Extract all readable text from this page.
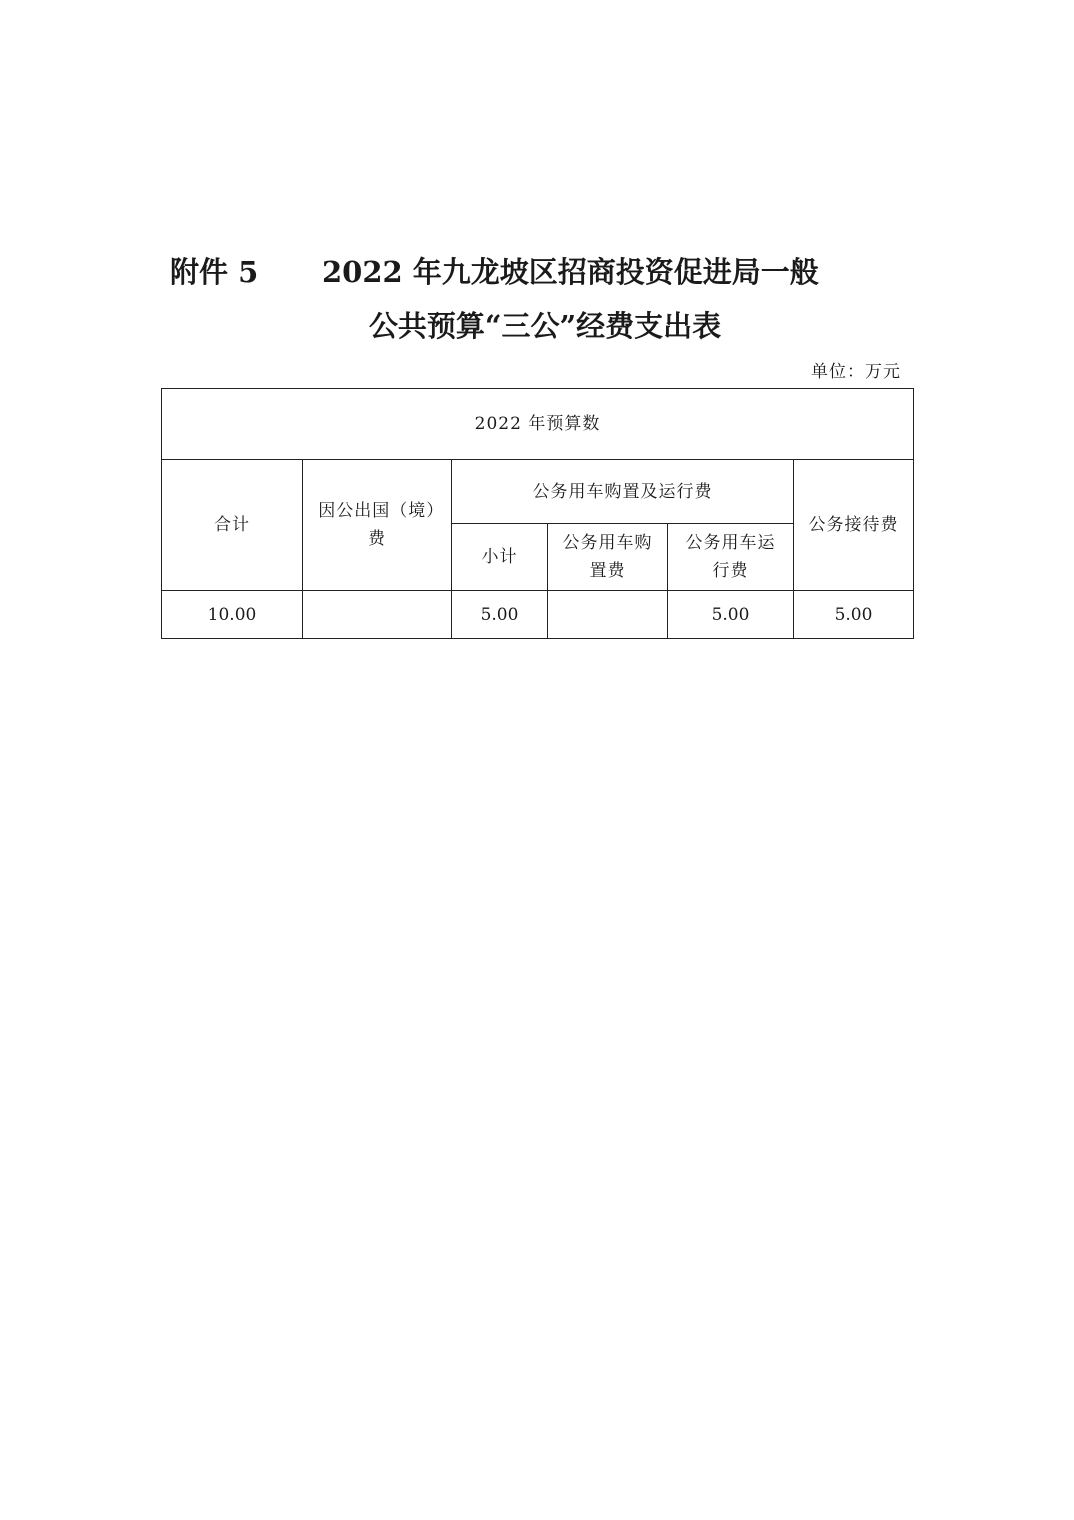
附件 5 2022 年九龙坡区招商投资促进局一般
公共预算“三公”经费支出表
单位：万元
2022 年预算数					
合计	因公出国（境）费	公务用车购置及运行费			公务接待费
		小计	公务用车购置费	公务用车运行费	
10.00		5.00		5.00	5.00
